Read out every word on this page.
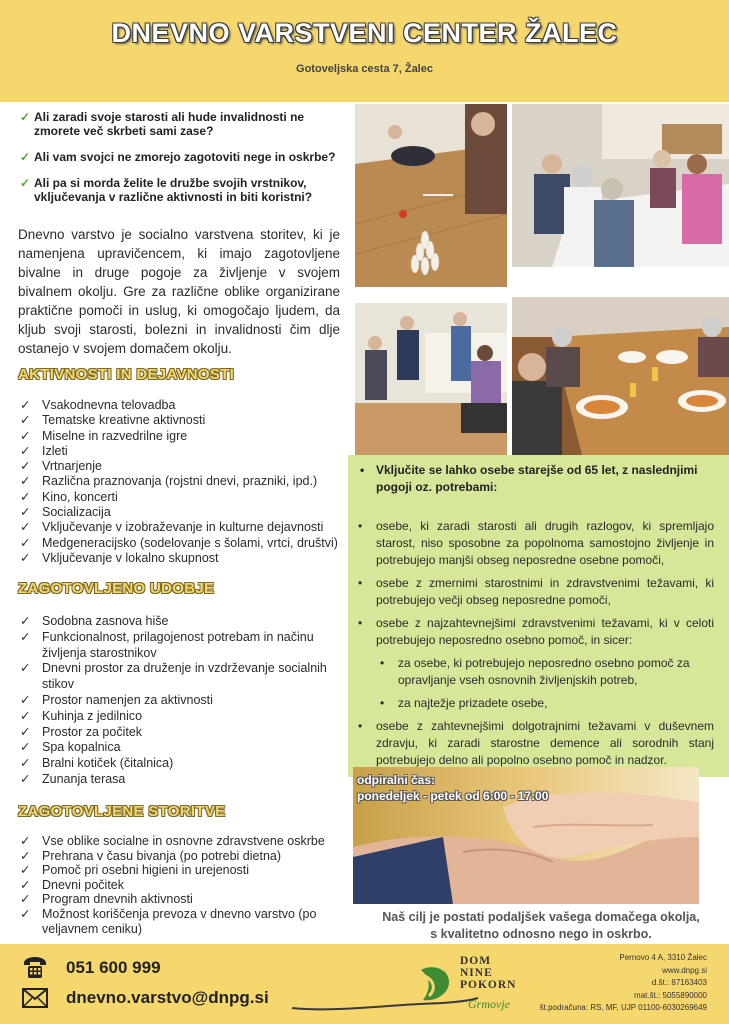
DNEVNO VARSTVENI CENTER ŽALEC
Gotoveljska cesta 7, Žalec
✓ Ali zaradi svoje starosti ali hude invalidnosti ne zmorete več skrbeti sami zase?
✓ Ali vam svojci ne zmorejo zagotoviti nege in oskrbe?
✓ Ali pa si morda želite le družbe svojih vrstnikov, vključevanja v različne aktivnosti in biti koristni?
Dnevno varstvo je socialno varstvena storitev, ki je namenjena upravičencem, ki imajo zagotovljene bivalne in druge pogoje za življenje v svojem bivalnem okolju. Gre za različne oblike organizirane praktične pomoči in uslug, ki omogočajo ljudem, da kljub svoji starosti, bolezni in invalidnosti čim dlje ostanejo v svojem domačem okolju.
AKTIVNOSTI IN DEJAVNOSTI
✓ Vsakodnevna telovadba
✓ Tematske kreativne aktivnosti
✓ Miselne in razvedrilne igre
✓ Izleti
✓ Vrtnarjenje
✓ Različna praznovanja (rojstni dnevi, prazniki, ipd.)
✓ Kino, koncerti
✓ Socializacija
✓ Vključevanje v izobraževanje in kulturne dejavnosti
✓ Medgeneracijsko (sodelovanje s šolami, vrtci, društvi)
✓ Vključevanje v lokalno skupnost
ZAGOTOVLJENO UDOBJE
✓ Sodobna zasnova hiše
✓ Funkcionalnost, prilagojenost potrebam in načinu življenja starostnikov
✓ Dnevni prostor za druženje in vzdrževanje socialnih stikov
✓ Prostor namenjen za aktivnosti
✓ Kuhinja z jedilnico
✓ Prostor za počitek
✓ Spa kopalnica
✓ Bralni kotiček (čitalnica)
✓ Zunanja terasa
ZAGOTOVLJENE STORITVE
✓ Vse oblike socialne in osnovne zdravstvene oskrbe
✓ Prehrana v času bivanja (po potrebi dietna)
✓ Pomoč pri osebni higieni in urejenosti
✓ Dnevni počitek
✓ Program dnevnih aktivnosti
✓ Možnost koriščenja prevoza v dnevno varstvo (po veljavnem ceniku)
• Vključite se lahko osebe starejše od 65 let, z naslednjimi pogoji oz. potrebami:
•	osebe, ki zaradi starosti ali drugih razlogov, ki spremljajo starost, niso sposobne za popolnoma samostojno življenje in potrebujejo manjši obseg neposredne osebne pomoči,
•	osebe z zmernimi starostnimi in zdravstvenimi težavami, ki potrebujejo večji obseg neposredne pomoči,
•	osebe z najzahtevnejšimi zdravstvenimi težavami, ki v celoti potrebujejo neposredno osebno pomoč, in sicer:
•	za osebe, ki potrebujejo neposredno osebno pomoč za opravljanje vseh osnovnih življenjskih potreb,
•	za najtežje prizadete osebe,
•	osebe z zahtevnejšimi dolgotrajnimi težavami v duševnem zdravju, ki zaradi starostne demence ali sorodnih stanj potrebujejo delno ali popolno osebno pomoč in nadzor.
odpiralni čas:
ponedeljek - petek od 6:00 - 17:00
Naš cilj je postati podaljšek vašega domačega okolja,
s kvalitetno odnosno nego in oskrbo.
051 600 999
dnevno.varstvo@dnpg.si
DOM
NINE
POKORN
Grmovje
Pernovo 4 A, 3310 Žalec
www.dnpg.si
d.št.: 87163403
mat.št.: 5055890000
št.podračuna: RS, MF, UJP 01100-6030269649
